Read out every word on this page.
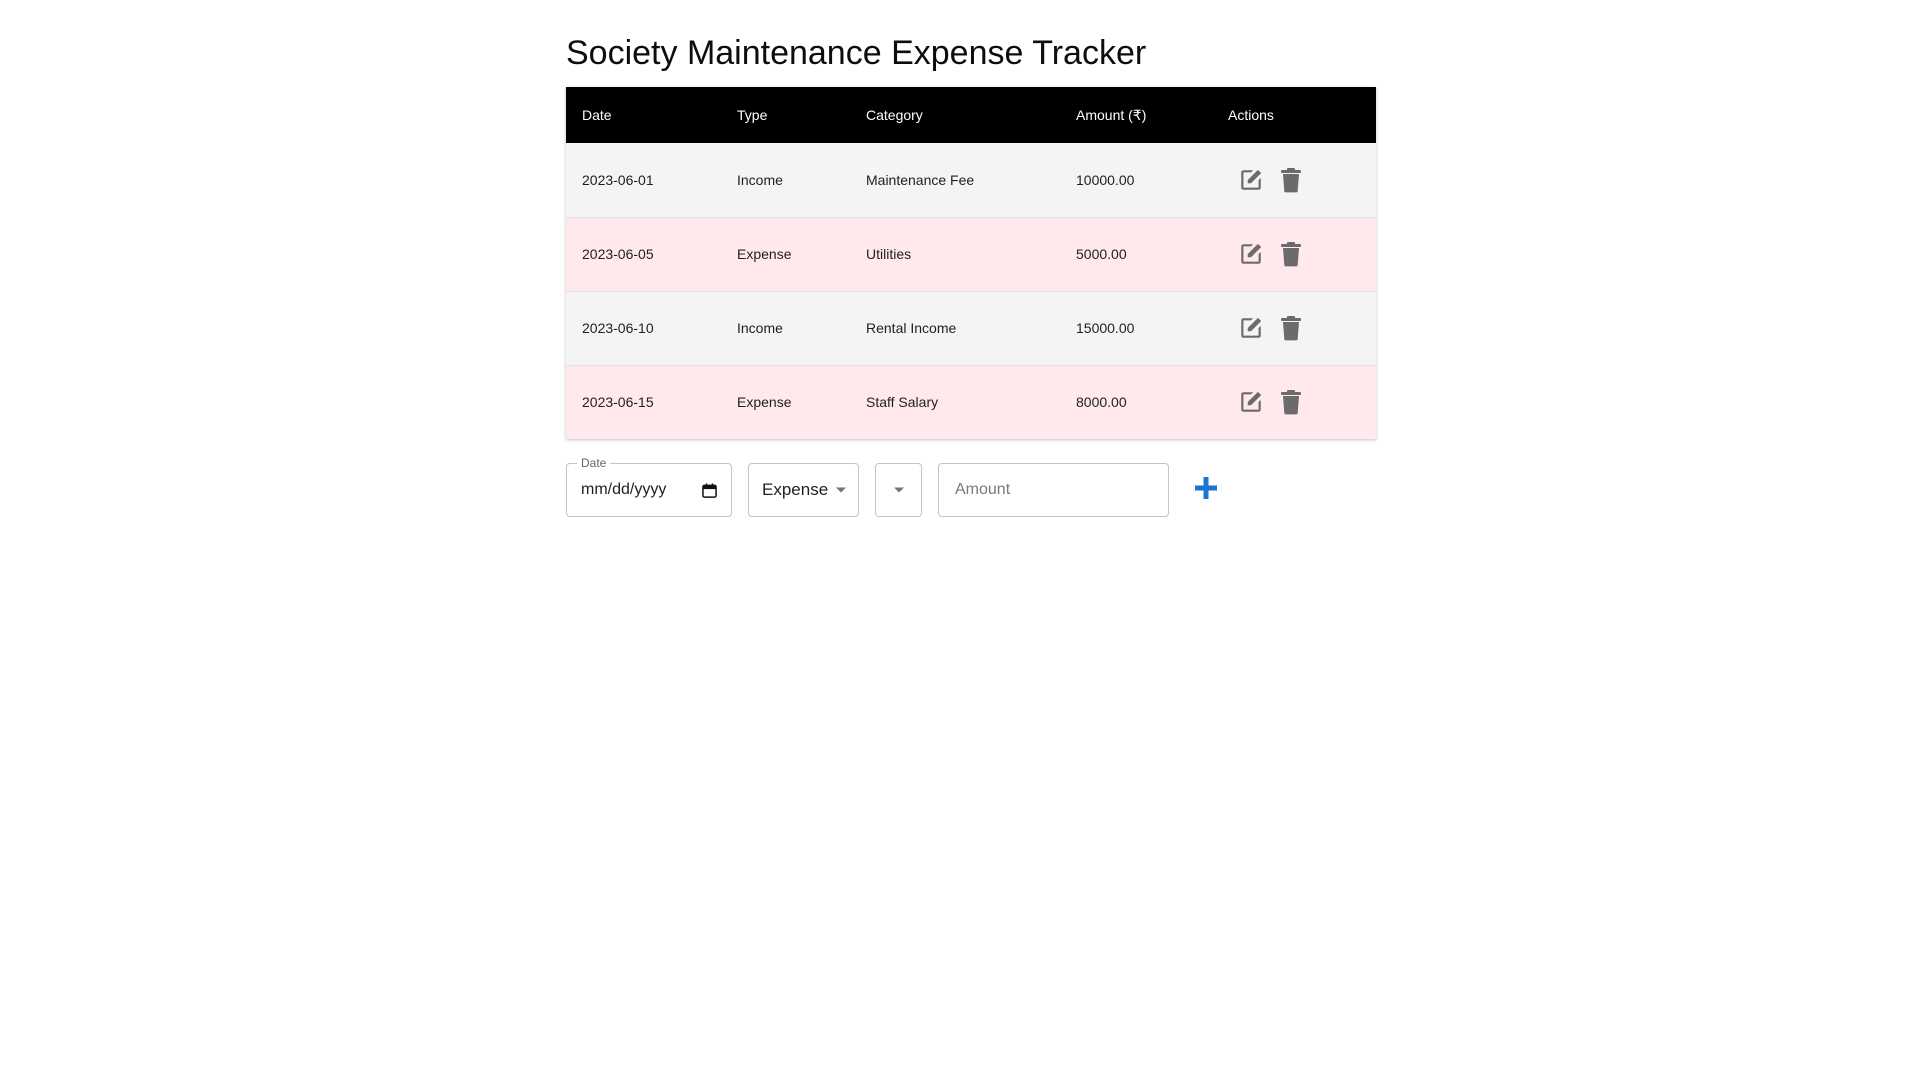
Society Maintenance Expense Tracker
Date	Type	Category	Amount (₹)	Actions
2023-06-01	Income	Maintenance Fee	10000.00	

2023-06-05	Expense	Utilities	5000.00	

2023-06-10	Income	Rental Income	15000.00	

2023-06-15	Expense	Staff Salary	8000.00	
Date
mm/dd/yyyy	Expense
Amount
